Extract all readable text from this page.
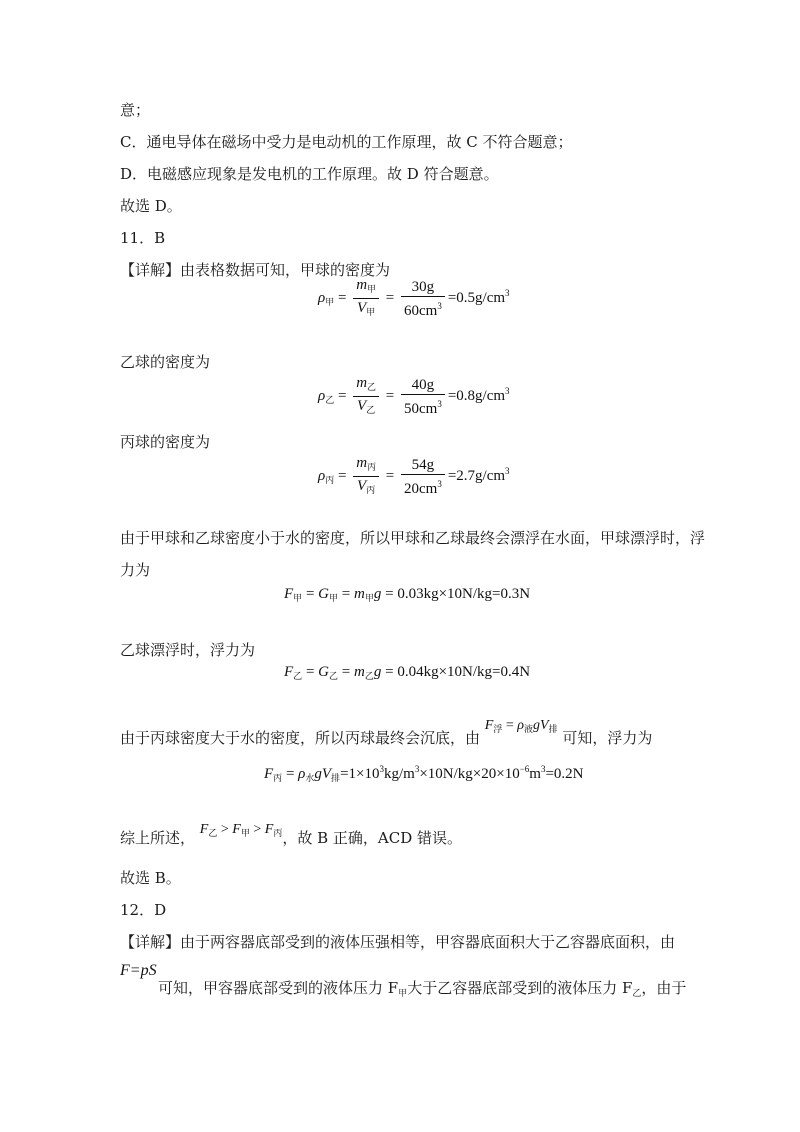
意；
C．通电导体在磁场中受力是电动机的工作原理，故 C 不符合题意；
D．电磁感应现象是发电机的工作原理。故 D 符合题意。
故选 D。
11．B
【详解】由表格数据可知，甲球的密度为
$\rho_甲 = \frac{m_甲}{V_甲} = \frac{30g}{60cm^3} =0.5g/cm^3$
乙球的密度为
$\rho_乙 = \frac{m_乙}{V_乙} = \frac{40g}{50cm^3} =0.8g/cm^3$
丙球的密度为
$\rho_丙 = \frac{m_丙}{V_丙} = \frac{54g}{20cm^3} =2.7g/cm^3$
由于甲球和乙球密度小于水的密度，所以甲球和乙球最终会漂浮在水面，甲球漂浮时，浮
力为
$F_甲 = G_甲 = m_甲g = 0.03kg\times 10N/kg=0.3N$
乙球漂浮时，浮力为
$F_乙 = G_乙 = m_乙g = 0.04kg\times 10N/kg=0.4N$
由于丙球密度大于水的密度，所以丙球最终会沉底，由 $F_浮 = \rho_液gV_排$ 可知，浮力为
$F_丙 = \rho_水gV_排=1\times 10^3kg/m^3\times 10N/kg\times 20\times 10^{-6}m^3=0.2N$
综上所述， $F_乙 > F_甲 > F_丙$，故 B 正确，ACD 错误。
故选 B。
12．D
【详解】由于两容器底部受到的液体压强相等，甲容器底面积大于乙容器底面积，由
F=pS
可知，甲容器底部受到的液体压力 $F_甲$大于乙容器底部受到的液体压力 $F_乙$，由于
